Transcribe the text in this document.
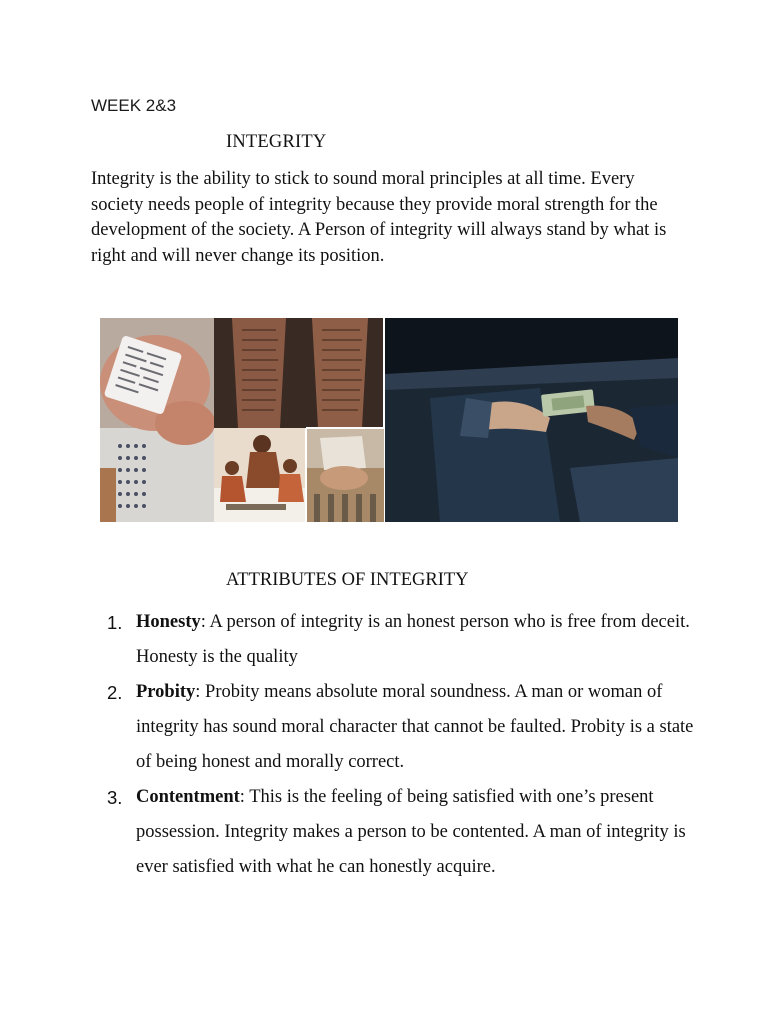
WEEK 2&3
INTEGRITY

Integrity is the ability to stick to sound moral principles at all time. Every society needs people of integrity because they provide moral strength for the development of the society. A Person of integrity will always stand by what is right and will never change its position.

ATTRIBUTES OF INTEGRITY
1. Honesty: A person of integrity is an honest person who is free from deceit. Honesty is the quality
2. Probity: Probity means absolute moral soundness. A man or woman of integrity has sound moral character that cannot be faulted. Probity is a state of being honest and morally correct.
3. Contentment: This is the feeling of being satisfied with one’s present possession. Integrity makes a person to be contented. A man of integrity is ever satisfied with what he can honestly acquire.
